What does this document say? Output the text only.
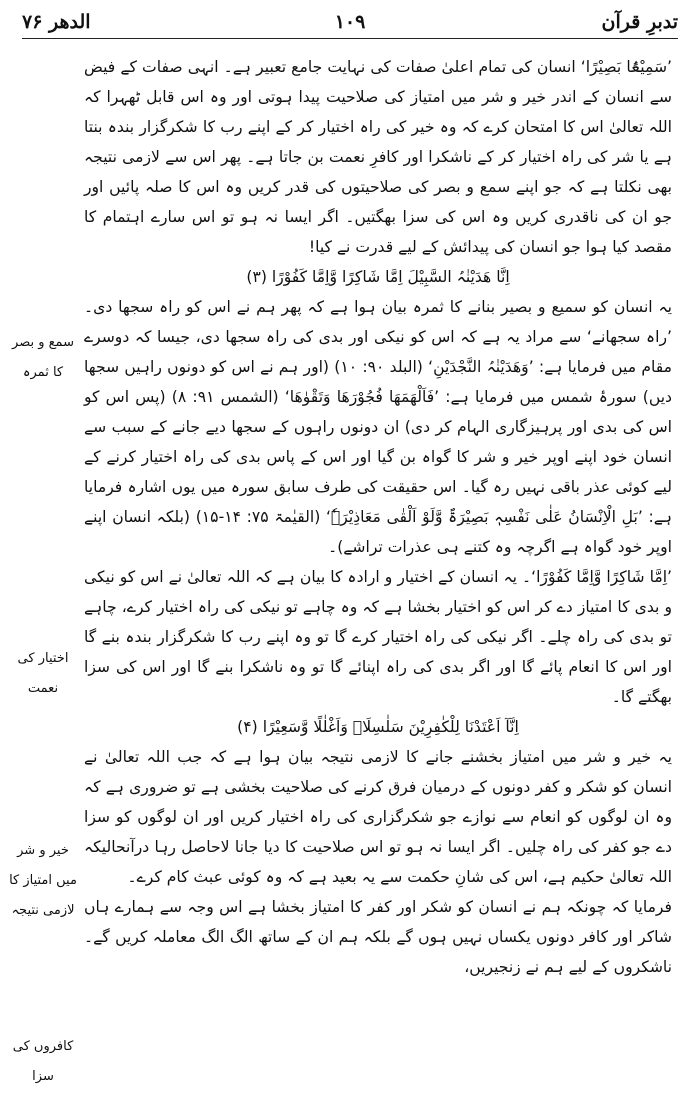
۱۰۹
الدھر ۷۶	تدبرِ قرآن

’سَمِیْعًۢا بَصِیْرًا‘ انسان کی تمام اعلیٰ صفات کی نہایت جامع تعبیر ہے۔ انہی صفات کے فیض سے انسان کے اندر خیر و شر میں امتیاز کی صلاحیت پیدا ہوتی اور وہ اس قابل ٹھہرا کہ اللہ تعالیٰ اس کا امتحان کرے کہ وہ خیر کی راہ اختیار کر کے اپنے رب کا شکرگزار بندہ بنتا ہے یا شر کی راہ اختیار کر کے ناشکرا اور کافرِ نعمت بن جاتا ہے۔ پھر اس سے لازمی نتیجہ بھی نکلتا ہے کہ جو اپنے سمع و بصر کی صلاحیتوں کی قدر کریں وہ اس کا صلہ پائیں اور جو ان کی ناقدری کریں وہ اس کی سزا بھگتیں۔ اگر ایسا نہ ہو تو اس سارے اہتمام کا مقصد کیا ہوا جو انسان کی پیدائش کے لیے قدرت نے کیا!

اِنَّا ھَدَیْنٰہُ السَّبِیْلَ اِمَّا شَاکِرًا وَّاِمَّا کَفُوْرًا (۳)

یہ انسان کو سمیع و بصیر بنانے کا ثمرہ بیان ہوا ہے کہ پھر ہم نے اس کو راہ سجھا دی۔ ’راہ سجھانے‘ سے مراد یہ ہے کہ اس کو نیکی اور بدی کی راہ سجھا دی، جیسا کہ دوسرے مقام میں فرمایا ہے: ’وَھَدَیْنٰہُ النَّجْدَیْنِ‘ (البلد ۹۰: ۱۰) (اور ہم نے اس کو دونوں راہیں سجھا دیں) سورۂ شمس میں فرمایا ہے: ’فَاَلْھَمَھَا فُجُوْرَھَا وَتَقْوٰھَا‘ (الشمس ۹۱: ۸) (پس اس کو اس کی بدی اور پرہیزگاری الہام کر دی) ان دونوں راہوں کے سجھا دیے جانے کے سبب سے انسان خود اپنے اوپر خیر و شر کا گواہ بن گیا اور اس کے پاس بدی کی راہ اختیار کرنے کے لیے کوئی عذر باقی نہیں رہ گیا۔ اس حقیقت کی طرف سابق سورہ میں یوں اشارہ فرمایا ہے: ’بَلِ الْاِنْسَانُ عَلٰی نَفْسِہٖ بَصِیْرَۃٌ وَّلَوْ اَلْقٰی مَعَاذِیْرَہٗ‘ (القیٰمۃ ۷۵: ۱۴-۱۵) (بلکہ انسان اپنے اوپر خود گواہ ہے اگرچہ وہ کتنے ہی عذرات تراشے)۔

’اِمَّا شَاکِرًا وَّاِمَّا کَفُوْرًا‘۔ یہ انسان کے اختیار و ارادہ کا بیان ہے کہ اللہ تعالیٰ نے اس کو نیکی و بدی کا امتیاز دے کر اس کو اختیار بخشا ہے کہ وہ چاہے تو نیکی کی راہ اختیار کرے، چاہے تو بدی کی راہ چلے۔ اگر نیکی کی راہ اختیار کرے گا تو وہ اپنے رب کا شکرگزار بندہ بنے گا اور اس کا انعام پائے گا اور اگر بدی کی راہ اپنائے گا تو وہ ناشکرا بنے گا اور اس کی سزا بھگتے گا۔

اِنَّآ اَعْتَدْنَا لِلْکٰفِرِیْنَ سَلٰسِلَا۟ وَاَغْلٰلًا وَّسَعِیْرًا (۴)

یہ خیر و شر میں امتیاز بخشنے جانے کا لازمی نتیجہ بیان ہوا ہے کہ جب اللہ تعالیٰ نے انسان کو شکر و کفر دونوں کے درمیان فرق کرنے کی صلاحیت بخشی ہے تو ضروری ہے کہ وہ ان لوگوں کو انعام سے نوازے جو شکرگزاری کی راہ اختیار کریں اور ان لوگوں کو سزا دے جو کفر کی راہ چلیں۔ اگر ایسا نہ ہو تو اس صلاحیت کا دیا جانا لاحاصل رہا درآنحالیکہ اللہ تعالیٰ حکیم ہے، اس کی شانِ حکمت سے یہ بعید ہے کہ وہ کوئی عبث کام کرے۔

فرمایا کہ چونکہ ہم نے انسان کو شکر اور کفر کا امتیاز بخشا ہے اس وجہ سے ہمارے ہاں شاکر اور کافر دونوں یکساں نہیں ہوں گے بلکہ ہم ان کے ساتھ الگ الگ معاملہ کریں گے۔ ناشکروں کے لیے ہم نے زنجیریں،

سمع و بصر کا ثمرہ
اختیار کی نعمت
خیر و شر میں امتیاز کا لازمی نتیجہ
کافروں کی سزا
